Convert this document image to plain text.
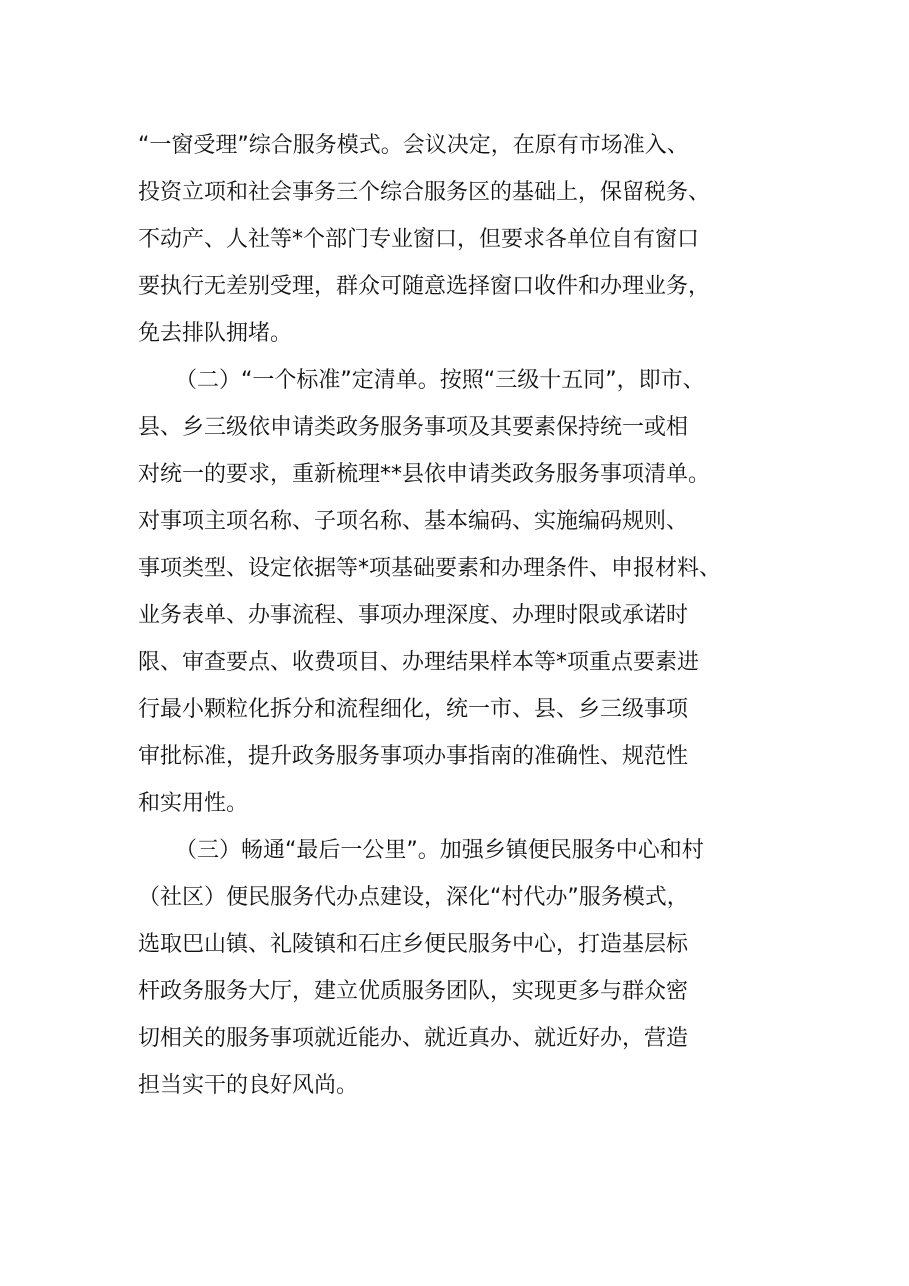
“一窗受理”综合服务模式。会议决定，在原有市场准入、
投资立项和社会事务三个综合服务区的基础上，保留税务、
不动产、人社等*个部门专业窗口，但要求各单位自有窗口
要执行无差别受理，群众可随意选择窗口收件和办理业务，
免去排队拥堵。
（二）“一个标准”定清单。按照“三级十五同”，即市、
县、乡三级依申请类政务服务事项及其要素保持统一或相
对统一的要求，重新梳理**县依申请类政务服务事项清单。
对事项主项名称、子项名称、基本编码、实施编码规则、
事项类型、设定依据等*项基础要素和办理条件、申报材料、
业务表单、办事流程、事项办理深度、办理时限或承诺时
限、审查要点、收费项目、办理结果样本等*项重点要素进
行最小颗粒化拆分和流程细化，统一市、县、乡三级事项
审批标准，提升政务服务事项办事指南的准确性、规范性
和实用性。
（三）畅通“最后一公里”。加强乡镇便民服务中心和村
（社区）便民服务代办点建设，深化“村代办”服务模式，
选取巴山镇、礼陵镇和石庄乡便民服务中心，打造基层标
杆政务服务大厅，建立优质服务团队，实现更多与群众密
切相关的服务事项就近能办、就近真办、就近好办，营造
担当实干的良好风尚。
